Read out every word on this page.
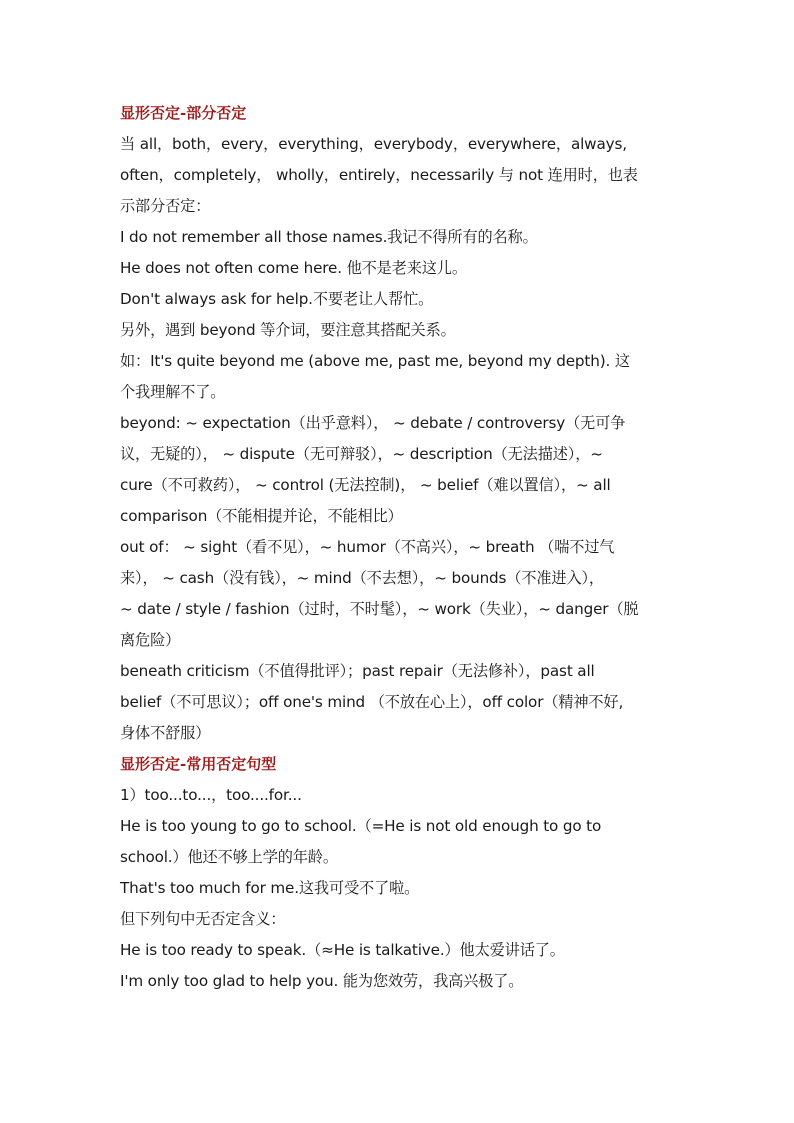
显形否定-部分否定
当 all，both，every，everything，everybody，everywhere，always,
often，completely， wholly，entirely，necessarily 与 not 连用时，也表
示部分否定：
I do not remember all those names.我记不得所有的名称。
He does not often come here. 他不是老来这儿。
Don't always ask for help.不要老让人帮忙。
另外，遇到 beyond 等介词，要注意其搭配关系。
如：It's quite beyond me (above me, past me, beyond my depth). 这
个我理解不了。
beyond: ~ expectation（出乎意料）， ~ debate / controversy（无可争
议，无疑的）， ~ dispute（无可辩驳），~ description（无法描述），~
cure（不可救药）， ~ control (无法控制)， ~ belief（难以置信），~ all
comparison（不能相提并论，不能相比）
out of： ~ sight（看不见），~ humor（不高兴），~ breath （喘不过气
来）， ~ cash（没有钱），~ mind（不去想），~ bounds（不准进入），
~ date / style / fashion（过时，不时髦），~ work（失业），~ danger（脱
离危险）
beneath criticism（不值得批评）；past repair（无法修补），past all
belief（不可思议）；off one's mind （不放在心上），off color（精神不好,
身体不舒服）
显形否定-常用否定句型
1）too...to...，too....for...
He is too young to go to school.（=He is not old enough to go to
school.）他还不够上学的年龄。
That's too much for me.这我可受不了啦。
但下列句中无否定含义：
He is too ready to speak.（≈He is talkative.）他太爱讲话了。
I'm only too glad to help you. 能为您效劳，我高兴极了。
